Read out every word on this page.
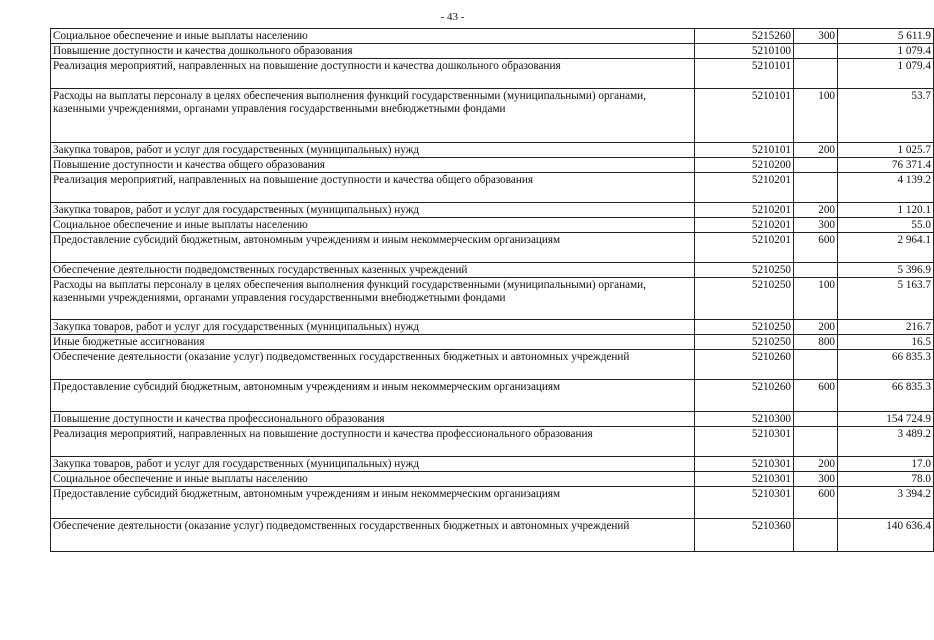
- 43 -
Социальное обеспечение и иные выплаты населению	5215260	300	5 611.9
Повышение доступности и качества дошкольного образования	5210100		1 079.4
Реализация мероприятий, направленных на повышение доступности и качества дошкольного образования	5210101		1 079.4
Расходы на выплаты персоналу в целях обеспечения выполнения функций государственными (муниципальными) органами, казенными учреждениями, органами управления государственными внебюджетными фондами	5210101	100	53.7
Закупка товаров, работ и услуг для государственных (муниципальных) нужд	5210101	200	1 025.7
Повышение доступности и качества общего образования	5210200		76 371.4
Реализация мероприятий, направленных на повышение доступности и качества общего образования	5210201		4 139.2
Закупка товаров, работ и услуг для государственных (муниципальных) нужд	5210201	200	1 120.1
Социальное обеспечение и иные выплаты населению	5210201	300	55.0
Предоставление субсидий бюджетным, автономным учреждениям и иным некоммерческим организациям	5210201	600	2 964.1
Обеспечение деятельности подведомственных государственных казенных учреждений	5210250		5 396.9
Расходы на выплаты персоналу в целях обеспечения выполнения функций государственными (муниципальными) органами, казенными учреждениями, органами управления государственными внебюджетными фондами	5210250	100	5 163.7
Закупка товаров, работ и услуг для государственных (муниципальных) нужд	5210250	200	216.7
Иные бюджетные ассигнования	5210250	800	16.5
Обеспечение деятельности (оказание услуг) подведомственных государственных бюджетных и автономных учреждений	5210260		66 835.3
Предоставление субсидий бюджетным, автономным учреждениям и иным некоммерческим организациям	5210260	600	66 835.3
Повышение доступности и качества профессионального образования	5210300		154 724.9
Реализация мероприятий, направленных на повышение доступности и качества профессионального образования	5210301		3 489.2
Закупка товаров, работ и услуг для государственных (муниципальных) нужд	5210301	200	17.0
Социальное обеспечение и иные выплаты населению	5210301	300	78.0
Предоставление субсидий бюджетным, автономным учреждениям и иным некоммерческим организациям	5210301	600	3 394.2
Обеспечение деятельности (оказание услуг) подведомственных государственных бюджетных и автономных учреждений	5210360		140 636.4
